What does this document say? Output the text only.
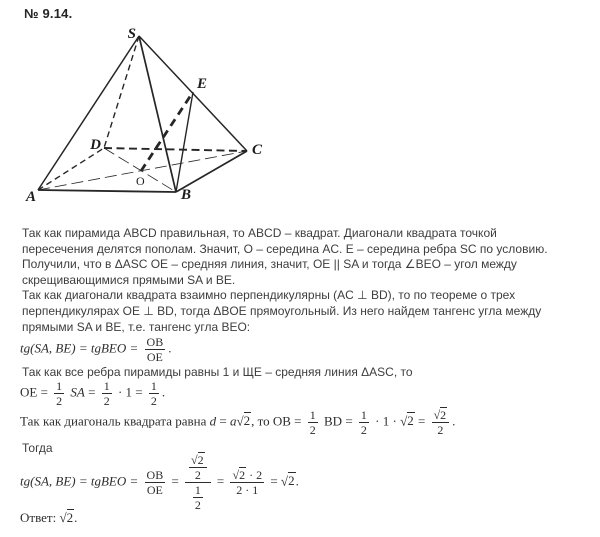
№ 9.14.
S
E
D	C
A	B
O
Так как пирамида ABCD правильная, то ABCD – квадрат. Диагонали квадрата точкой
пересечения делятся пополам. Значит, O – середина AC. E – середина ребра SC по условию.
Получили, что в ΔASC OE – средняя линия, значит, OE || SA и тогда ∠BEO – угол между
скрещивающимися прямыми SA и BE.
Так как диагонали квадрата взаимно перпендикулярны (AC ⊥ BD), то по теореме о трех
перпендикулярах OE ⊥ BD, тогда ΔBOE прямоугольный. Из него найдем тангенс угла между
прямыми SA и BE, т.е. тангенс угла BEO:
tg(SA, BE) = tgBEO = $\frac{OB}{OE}$ .
Так как все ребра пирамиды равны 1 и ЩЕ – средняя линия ΔASC, то
OE = $\frac{1}{2}$ SA = $\frac{1}{2} \cdot 1 = \frac{1}{2}$ .
Так как диагональ квадрата равна d = a√2, то OB = $\frac{1}{2}$ BD = $\frac{1}{2} \cdot 1 \cdot √2 = \frac{√2}{2}$ .
Тогда
tg(SA, BE) = tgBEO = $\frac{OB}{OE} = \frac{\frac{√2}{2}}{\frac{1}{2}} = \frac{√2 \cdot 2}{2 \cdot 1} = √2$.
Ответ: √2.
